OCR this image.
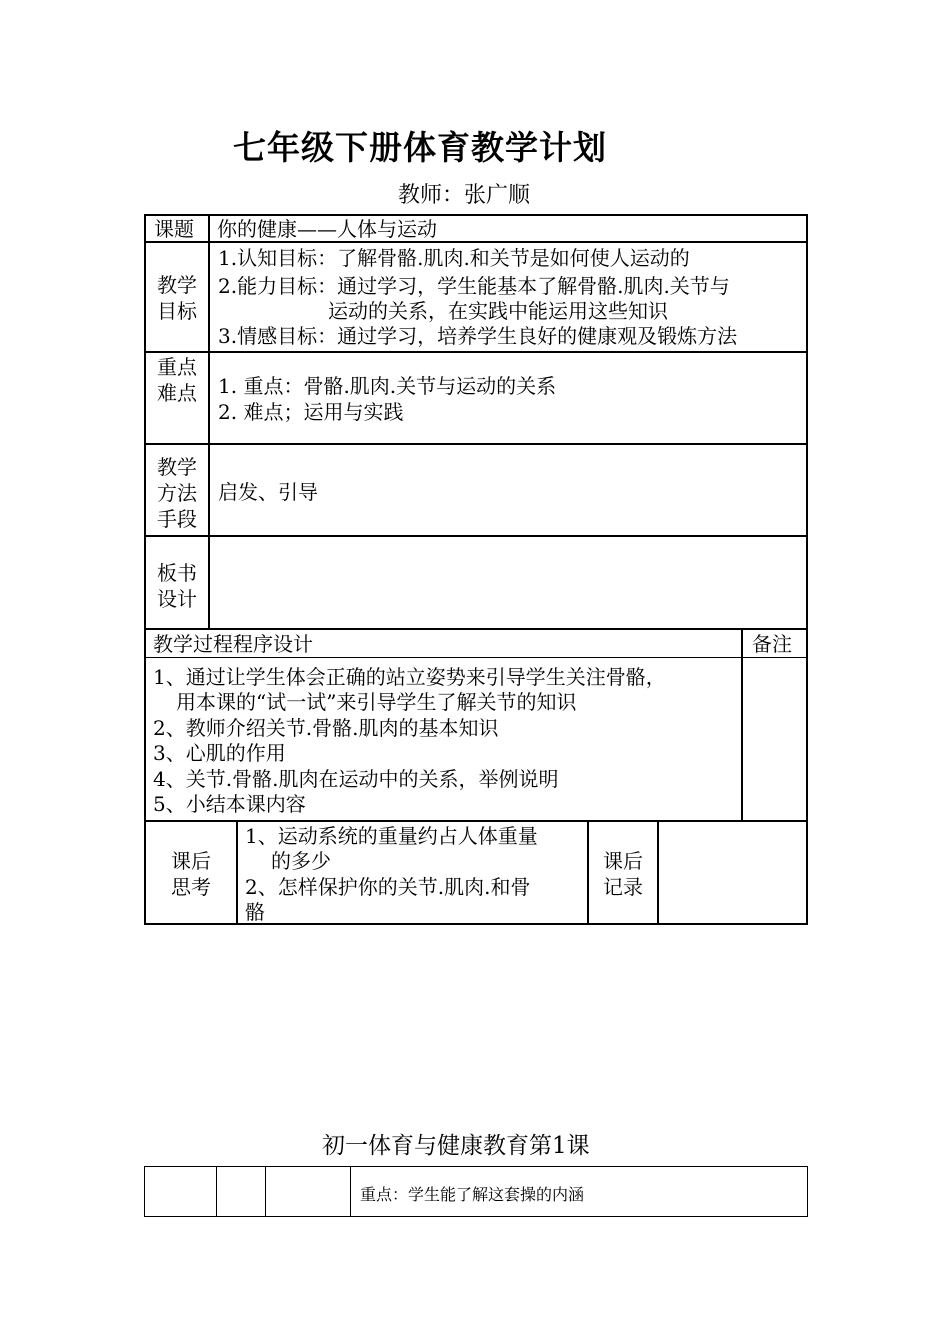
七年级下册体育教学计划
教师：张广顺
课题 你的健康——人体与运动
教学
目标
1.认知目标：了解骨骼.肌肉.和关节是如何使人运动的
2.能力目标：通过学习，学生能基本了解骨骼.肌肉.关节与
运动的关系，在实践中能运用这些知识
3.情感目标：通过学习，培养学生良好的健康观及锻炼方法
重点
难点	1. 重点：骨骼.肌肉.关节与运动的关系
2. 难点；运用与实践
教学
方法
手段
启发、引导
板书
设计
教学过程程序设计	备注
1、通过让学生体会正确的站立姿势来引导学生关注骨骼，
用本课的“试一试”来引导学生了解关节的知识
2、教师介绍关节.骨骼.肌肉的基本知识
3、心肌的作用
4、关节.骨骼.肌肉在运动中的关系，举例说明
5、小结本课内容
课后
思考
1、运动系统的重量约占人体重量
的多少
2、怎样保护你的关节.肌肉.和骨
骼
课后
记录
初一体育与健康教育第1课
重点：学生能了解这套操的内涵
